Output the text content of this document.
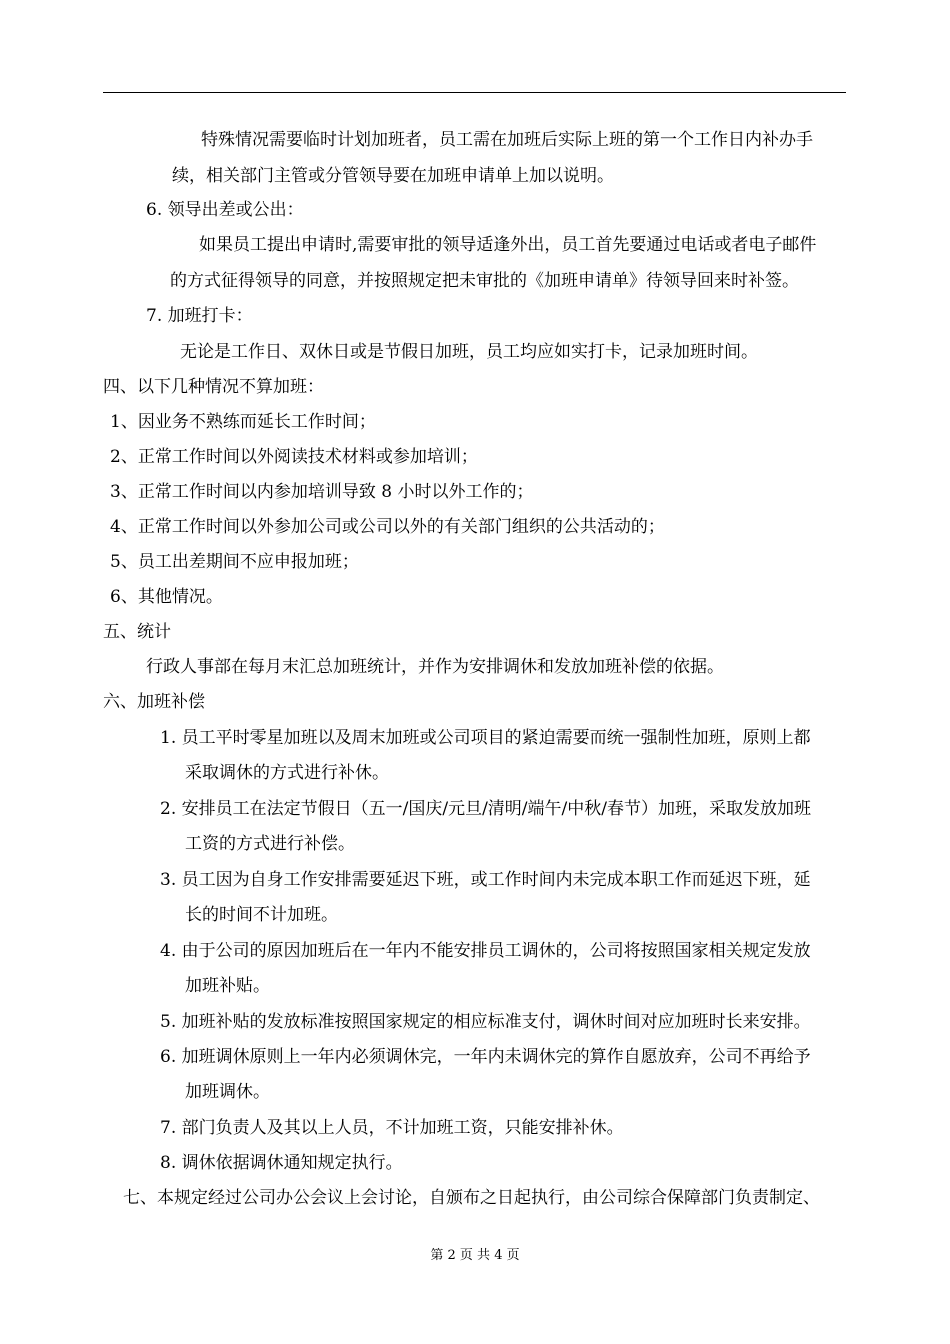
特殊情况需要临时计划加班者，员工需在加班后实际上班的第一个工作日内补办手
续，相关部门主管或分管领导要在加班申请单上加以说明。
6. 领导出差或公出：
如果员工提出申请时,需要审批的领导适逢外出，员工首先要通过电话或者电子邮件
的方式征得领导的同意，并按照规定把未审批的《加班申请单》待领导回来时补签。
7. 加班打卡：
无论是工作日、双休日或是节假日加班，员工均应如实打卡，记录加班时间。
四、以下几种情况不算加班：
1、因业务不熟练而延长工作时间；
2、正常工作时间以外阅读技术材料或参加培训；
3、正常工作时间以内参加培训导致 8 小时以外工作的；
4、正常工作时间以外参加公司或公司以外的有关部门组织的公共活动的；
5、员工出差期间不应申报加班；
6、其他情况。
五、统计
行政人事部在每月末汇总加班统计，并作为安排调休和发放加班补偿的依据。
六、加班补偿
1. 员工平时零星加班以及周末加班或公司项目的紧迫需要而统一强制性加班，原则上都
采取调休的方式进行补休。
2. 安排员工在法定节假日（五一/国庆/元旦/清明/端午/中秋/春节）加班，采取发放加班
工资的方式进行补偿。
3. 员工因为自身工作安排需要延迟下班，或工作时间内未完成本职工作而延迟下班，延
长的时间不计加班。
4. 由于公司的原因加班后在一年内不能安排员工调休的，公司将按照国家相关规定发放
加班补贴。
5. 加班补贴的发放标准按照国家规定的相应标准支付，调休时间对应加班时长来安排。
6. 加班调休原则上一年内必须调休完，一年内未调休完的算作自愿放弃，公司不再给予
加班调休。
7. 部门负责人及其以上人员，不计加班工资，只能安排补休。
8. 调休依据调休通知规定执行。
七、本规定经过公司办公会议上会讨论，自颁布之日起执行，由公司综合保障部门负责制定、
第 2 页 共 4 页
